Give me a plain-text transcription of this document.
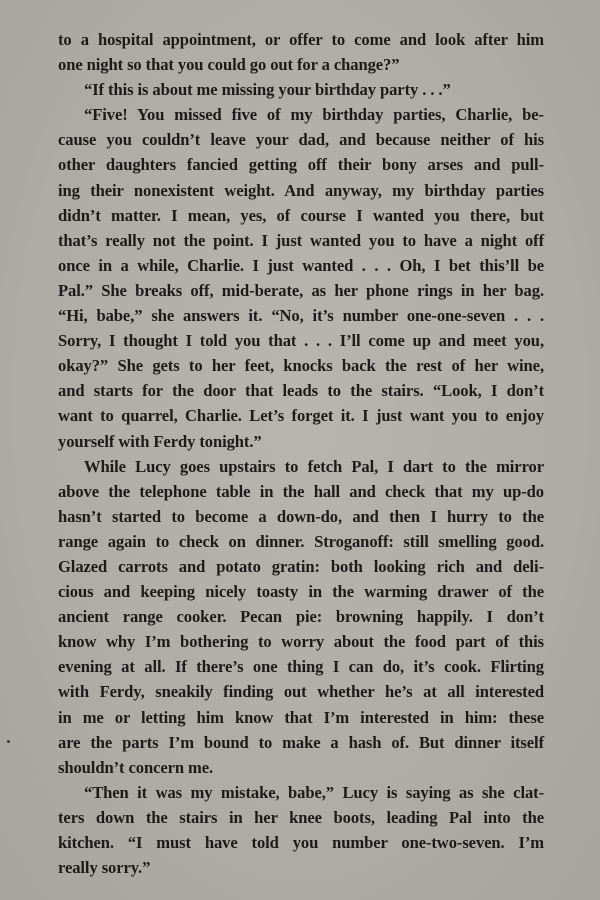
to a hospital appointment, or offer to come and look after him
one night so that you could go out for a change?”
“If this is about me missing your birthday party . . .”
“Five! You missed five of my birthday parties, Charlie, be-
cause you couldn’t leave your dad, and because neither of his
other daughters fancied getting off their bony arses and pull-
ing their nonexistent weight. And anyway, my birthday parties
didn’t matter. I mean, yes, of course I wanted you there, but
that’s really not the point. I just wanted you to have a night off
once in a while, Charlie. I just wanted . . . Oh, I bet this’ll be
Pal.” She breaks off, mid-berate, as her phone rings in her bag.
“Hi, babe,” she answers it. “No, it’s number one-one-seven . . .
Sorry, I thought I told you that . . . I’ll come up and meet you,
okay?” She gets to her feet, knocks back the rest of her wine,
and starts for the door that leads to the stairs. “Look, I don’t
want to quarrel, Charlie. Let’s forget it. I just want you to enjoy
yourself with Ferdy tonight.”
While Lucy goes upstairs to fetch Pal, I dart to the mirror
above the telephone table in the hall and check that my up-do
hasn’t started to become a down-do, and then I hurry to the
range again to check on dinner. Stroganoff: still smelling good.
Glazed carrots and potato gratin: both looking rich and deli-
cious and keeping nicely toasty in the warming drawer of the
ancient range cooker. Pecan pie: browning happily. I don’t
know why I’m bothering to worry about the food part of this
evening at all. If there’s one thing I can do, it’s cook. Flirting
with Ferdy, sneakily finding out whether he’s at all interested
in me or letting him know that I’m interested in him: these
are the parts I’m bound to make a hash of. But dinner itself
shouldn’t concern me.
“Then it was my mistake, babe,” Lucy is saying as she clat-
ters down the stairs in her knee boots, leading Pal into the
kitchen. “I must have told you number one-two-seven. I’m
really sorry.”
